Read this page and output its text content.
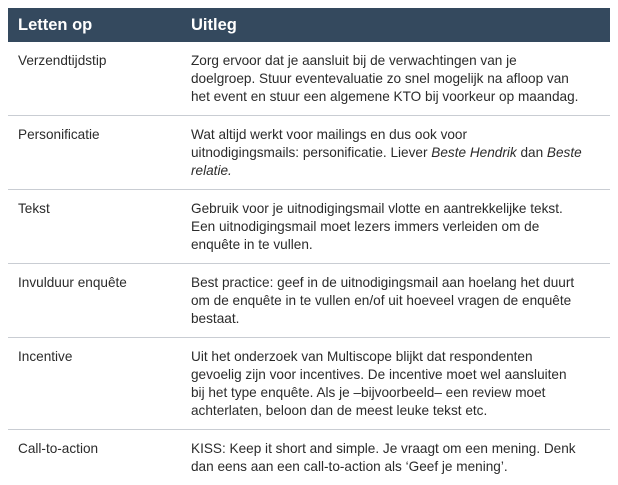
Letten op	Uitleg
Verzendtijdstip	Zorg ervoor dat je aansluit bij de verwachtingen van je
doelgroep. Stuur eventevaluatie zo snel mogelijk na afloop van
het event en stuur een algemene KTO bij voorkeur op maandag.
Personificatie	Wat altijd werkt voor mailings en dus ook voor
uitnodigingsmails: personificatie. Liever Beste Hendrik dan Beste
relatie.
Tekst	Gebruik voor je uitnodigingsmail vlotte en aantrekkelijke tekst.
Een uitnodigingsmail moet lezers immers verleiden om de
enquête in te vullen.
Invulduur enquête	Best practice: geef in de uitnodigingsmail aan hoelang het duurt
om de enquête in te vullen en/of uit hoeveel vragen de enquête
bestaat.
Incentive	Uit het onderzoek van Multiscope blijkt dat respondenten
gevoelig zijn voor incentives. De incentive moet wel aansluiten
bij het type enquête. Als je –bijvoorbeeld– een review moet
achterlaten, beloon dan de meest leuke tekst etc.
Call-to-action	KISS: Keep it short and simple. Je vraagt om een mening. Denk
dan eens aan een call-to-action als ‘Geef je mening’.
